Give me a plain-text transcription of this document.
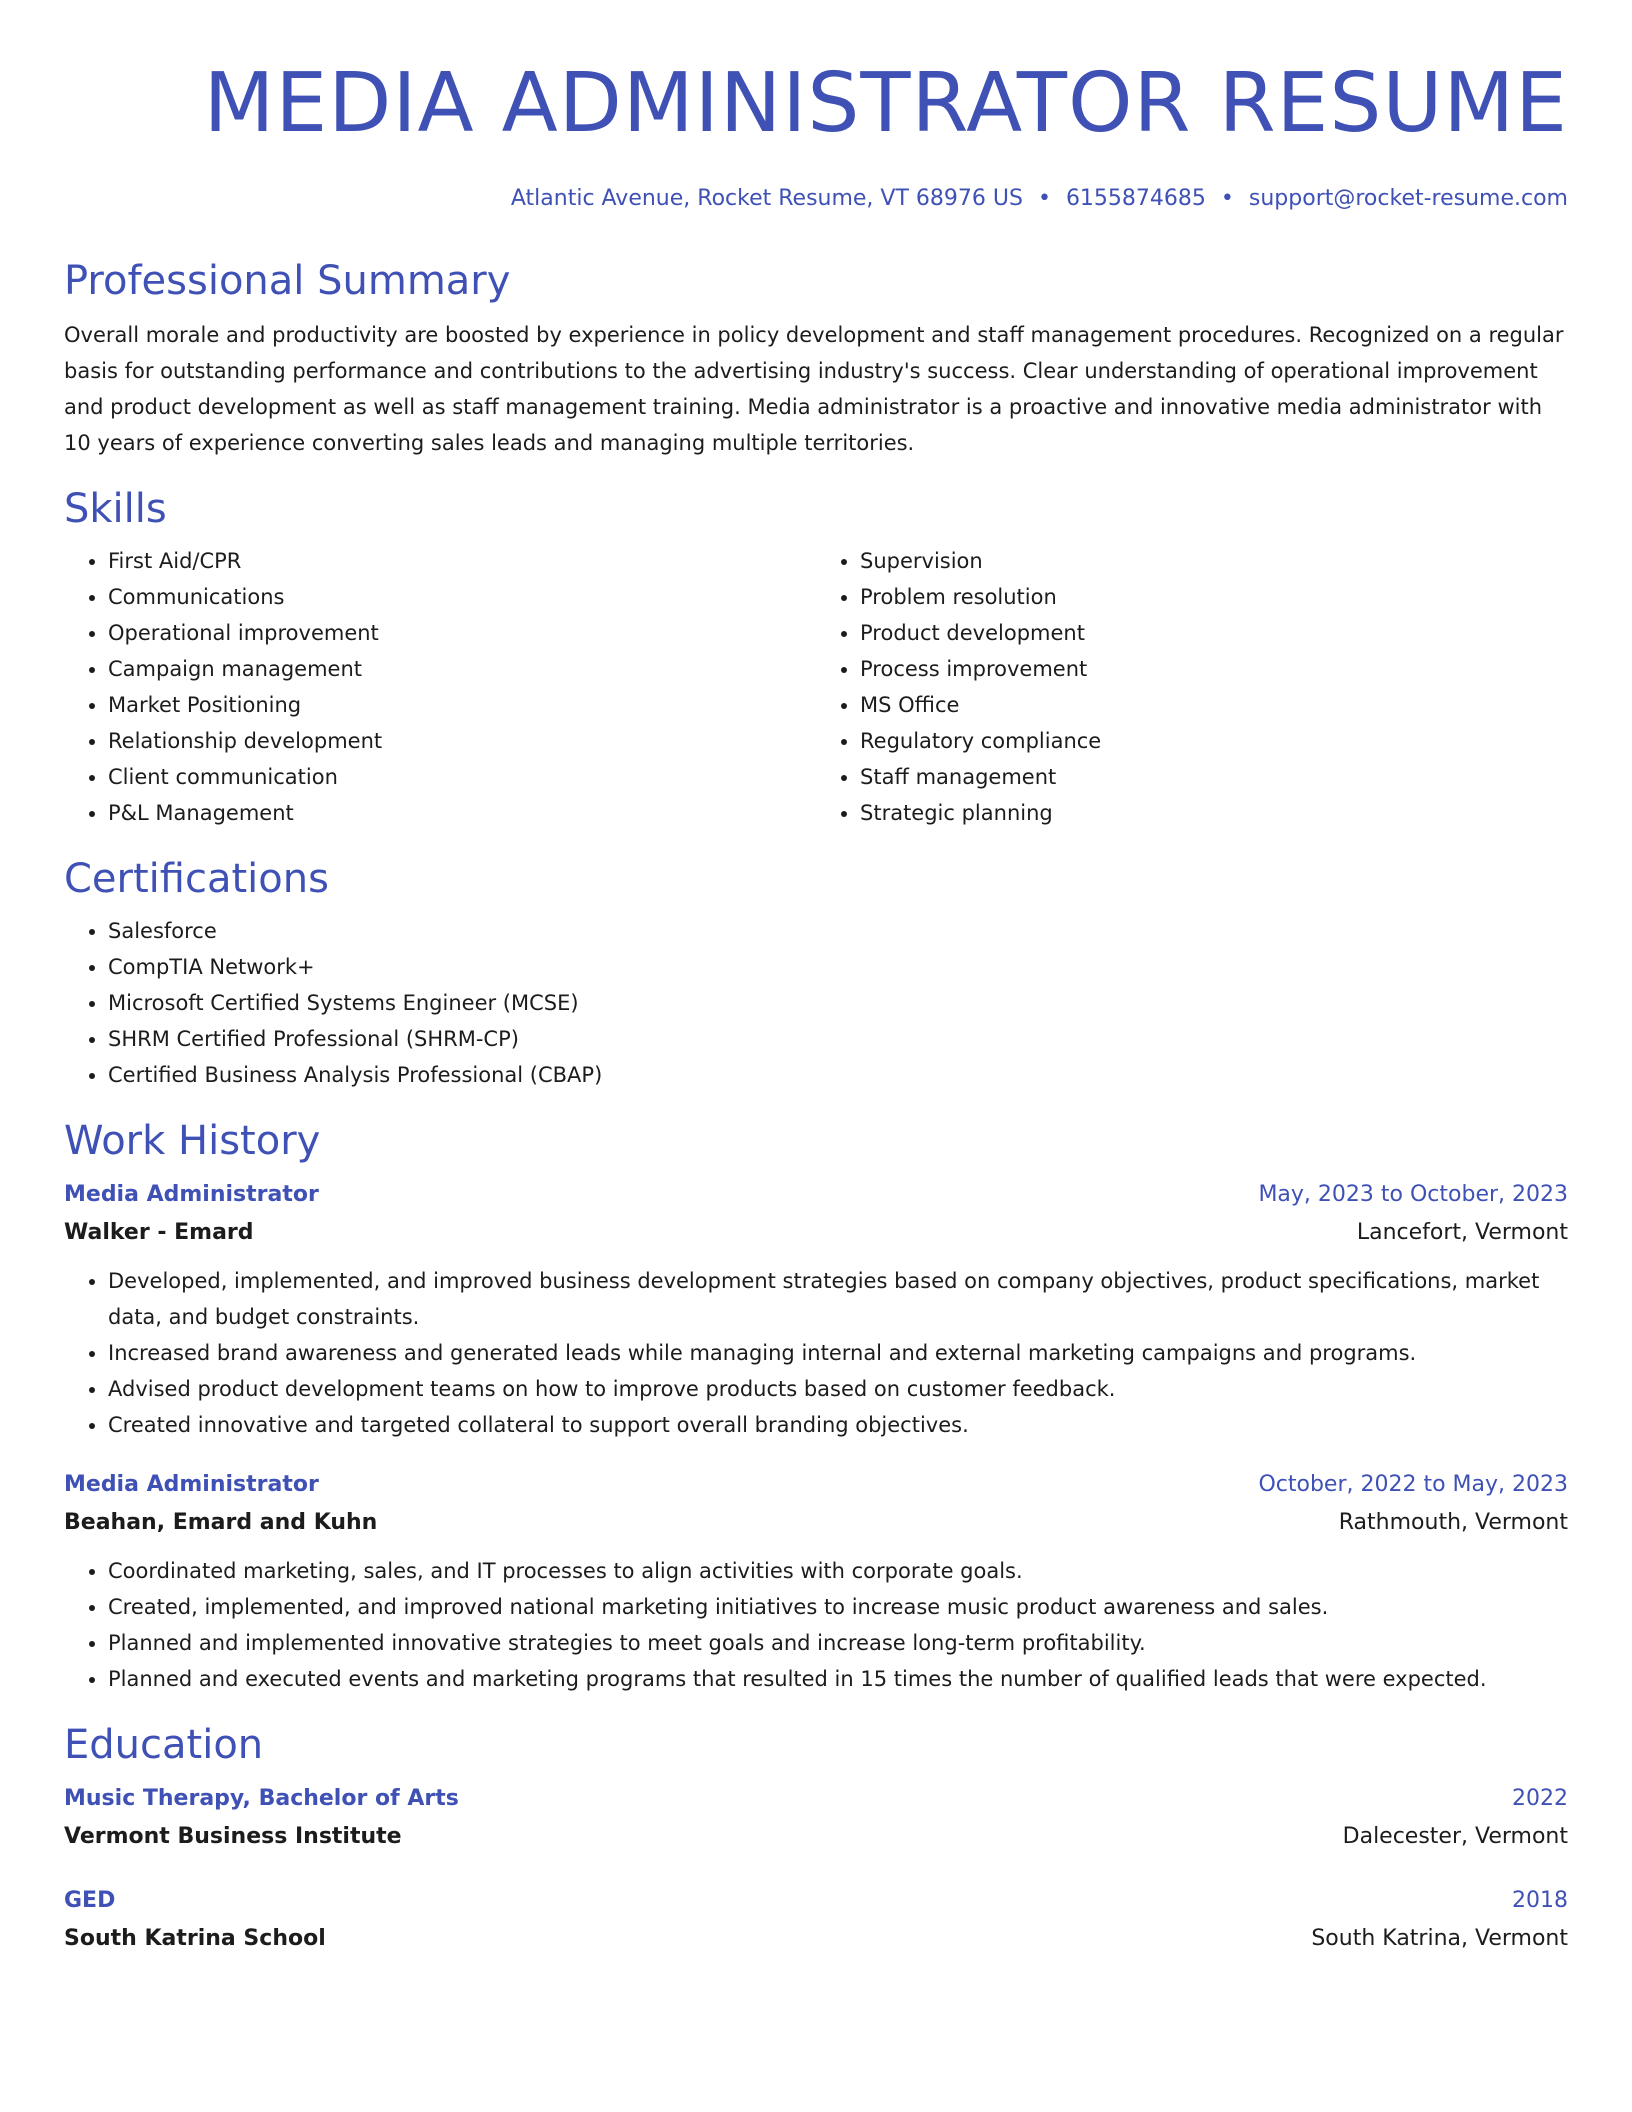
MEDIA ADMINISTRATOR RESUME
Atlantic Avenue, Rocket Resume, VT 68976 US • 6155874685 • support@rocket-resume.com
Professional Summary

Overall morale and productivity are boosted by experience in policy development and staff management procedures. Recognized on a regular basis for outstanding performance and contributions to the advertising industry's success. Clear understanding of operational improvement and product development as well as staff management training. Media administrator is a proactive and innovative media administrator with 10 years of experience converting sales leads and managing multiple territories.

Skills
• First Aid/CPR
• Communications
• Operational improvement
• Campaign management
• Market Positioning
• Relationship development
• Client communication
• P&L Management
• Supervision
• Problem resolution
• Product development
• Process improvement
• MS Office
• Regulatory compliance
• Staff management
• Strategic planning
Certifications
• Salesforce
• CompTIA Network+
• Microsoft Certified Systems Engineer (MCSE)
• SHRM Certified Professional (SHRM-CP)
• Certified Business Analysis Professional (CBAP)
Work History
Media Administrator	May, 2023 to October, 2023
Walker - Emard	Lancefort, Vermont
• Developed, implemented, and improved business development strategies based on company objectives, product specifications, market data, and budget constraints.
• Increased brand awareness and generated leads while managing internal and external marketing campaigns and programs.
• Advised product development teams on how to improve products based on customer feedback.
• Created innovative and targeted collateral to support overall branding objectives.
Media Administrator	October, 2022 to May, 2023
Beahan, Emard and Kuhn	Rathmouth, Vermont
• Coordinated marketing, sales, and IT processes to align activities with corporate goals.
• Created, implemented, and improved national marketing initiatives to increase music product awareness and sales.
• Planned and implemented innovative strategies to meet goals and increase long-term profitability.
• Planned and executed events and marketing programs that resulted in 15 times the number of qualified leads that were expected.
Education
Music Therapy, Bachelor of Arts	2022
Vermont Business Institute	Dalecester, Vermont
GED	2018
South Katrina School	South Katrina, Vermont
